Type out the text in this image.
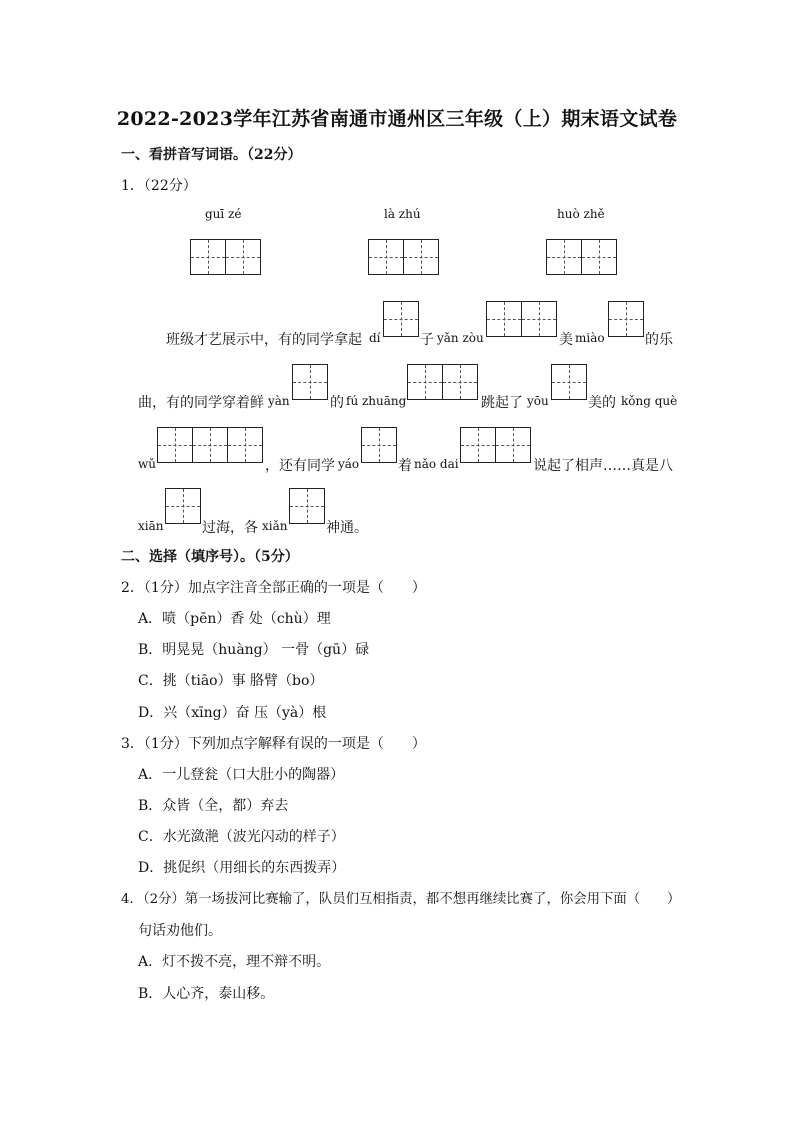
2022-2023学年江苏省南通市通州区三年级（上）期末语文试卷
一、看拼音写词语。（22分）
1．（22分）
guī zé	là zhú	huò zhě
班级才艺展示中，有的同学拿起 dí	子 yǎn zòu	美 miào	的乐
曲，有的同学穿着鲜 yàn	的 fú zhuāng	跳起了 yōu	美的 kǒng què
wǔ	，还有同学 yáo	着 nǎo dai	说起了相声……真是八
xiān	过海，各 xiǎn	神通。
二、选择（填序号）。（5分）
2．（1分）加点字注音全部正确的一项是（　　）
A．喷（pēn）香 处（chù）理
B．明晃晃（huàng） 一骨（gū）碌
C．挑（tiāo）事 胳臂（bo）
D．兴（xīng）奋 压（yà）根
3．（1分）下列加点字解释有误的一项是（　　）
A．一儿登瓮（口大肚小的陶器）
B．众皆（全，都）弃去
C．水光潋滟（波光闪动的样子）
D．挑促织（用细长的东西拨弄）
4．（2分）第一场拔河比赛输了，队员们互相指责，都不想再继续比赛了，你会用下面（　　）
句话劝他们。
A．灯不拨不亮，理不辩不明。
B．人心齐，泰山移。
